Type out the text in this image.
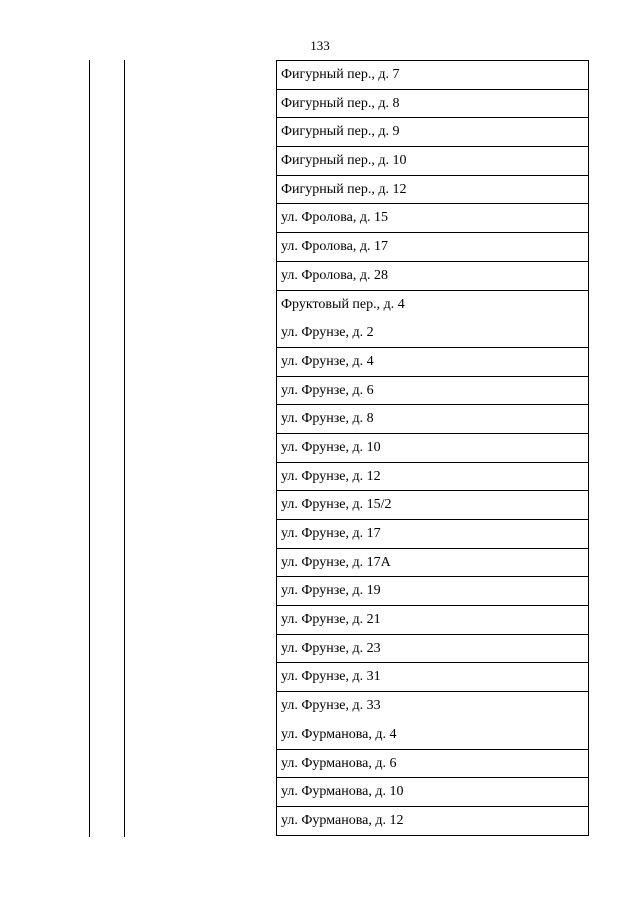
133
Фигурный пер., д. 7
Фигурный пер., д. 8
Фигурный пер., д. 9
Фигурный пер., д. 10
Фигурный пер., д. 12
ул. Фролова, д. 15
ул. Фролова, д. 17
ул. Фролова, д. 28
Фруктовый пер., д. 4
ул. Фрунзе, д. 2
ул. Фрунзе, д. 4
ул. Фрунзе, д. 6
ул. Фрунзе, д. 8
ул. Фрунзе, д. 10
ул. Фрунзе, д. 12
ул. Фрунзе, д. 15/2
ул. Фрунзе, д. 17
ул. Фрунзе, д. 17А
ул. Фрунзе, д. 19
ул. Фрунзе, д. 21
ул. Фрунзе, д. 23
ул. Фрунзе, д. 31
ул. Фрунзе, д. 33
ул. Фурманова, д. 4
ул. Фурманова, д. 6
ул. Фурманова, д. 10
ул. Фурманова, д. 12
